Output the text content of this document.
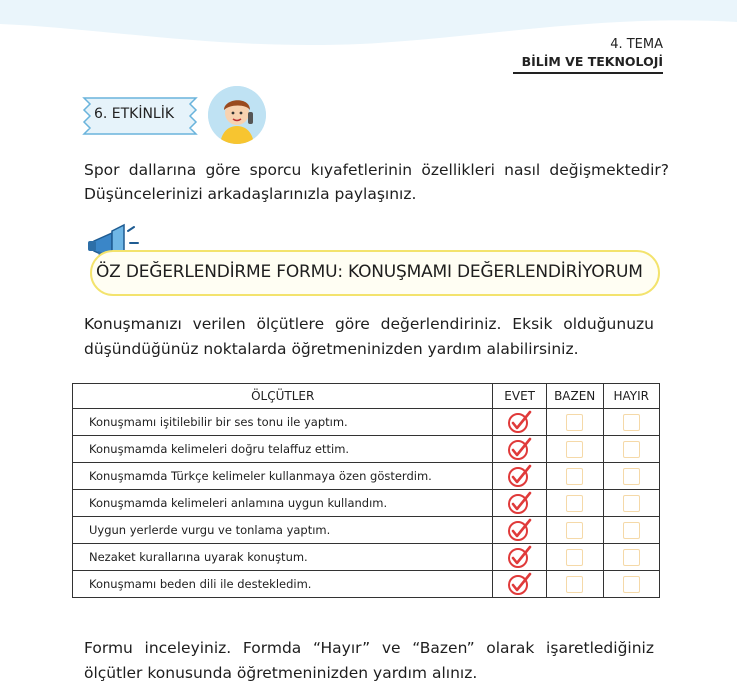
4. TEMA
BİLİM VE TEKNOLOJİ
6. ETKİNLİK
Spor dallarına göre sporcu kıyafetlerinin özellikleri nasıl değişmektedir? Düşüncelerinizi arkadaşlarınızla paylaşınız.
ÖZ DEĞERLENDİRME FORMU: KONUŞMAMI DEĞERLENDİRİYORUM
Konuşmanızı verilen ölçütlere göre değerlendiriniz. Eksik olduğunuzu düşündüğünüz noktalarda öğretmeninizden yardım alabilirsiniz.
ÖLÇÜTLER	EVET	BAZEN	HAYIR
Konuşmamı işitilebilir bir ses tonu ile yaptım.			
Konuşmamda kelimeleri doğru telaffuz ettim.			
Konuşmamda Türkçe kelimeler kullanmaya özen gösterdim.			
Konuşmamda kelimeleri anlamına uygun kullandım.			
Uygun yerlerde vurgu ve tonlama yaptım.			
Nezaket kurallarına uyarak konuştum.			
Konuşmamı beden dili ile destekledim.			
Formu inceleyiniz. Formda “Hayır” ve “Bazen” olarak işaretlediğiniz ölçütler konusunda öğretmeninizden yardım alınız.
